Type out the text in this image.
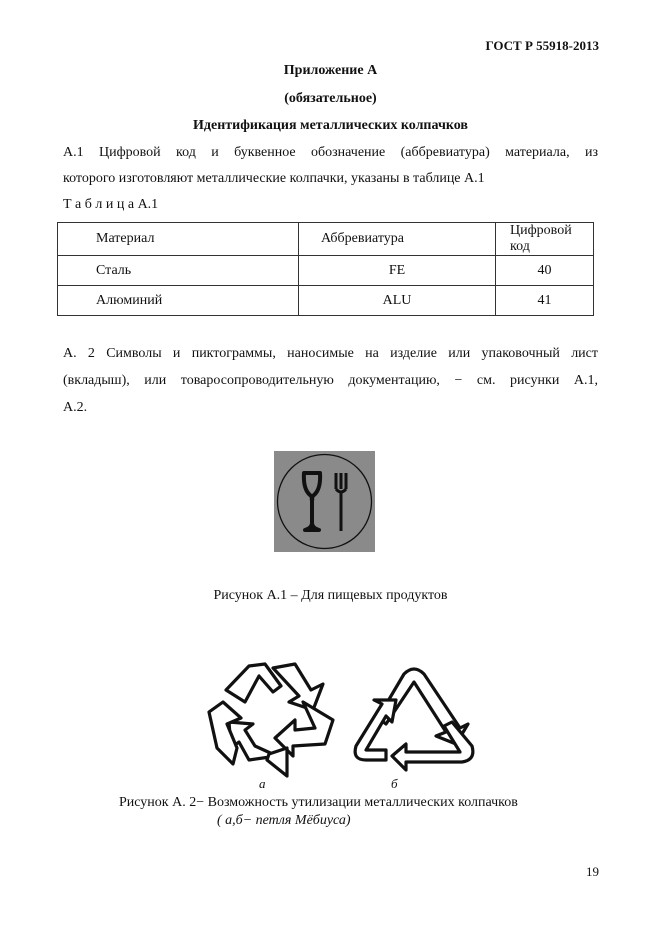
ГОСТ Р 55918-2013
Приложение А
(обязательное)
Идентификация металлических колпачков
А.1 Цифровой код и буквенное обозначение (аббревиатура) материала, из
которого изготовляют металлические колпачки, указаны в таблице А.1
Т а б л и ц а А.1
Материал	Аббревиатура	Цифровой код
Сталь	FE	40
Алюминий	ALU	41
А. 2 Символы и пиктограммы, наносимые на изделие или упаковочный лист
(вкладыш), или товаросопроводительную документацию, − см. рисунки А.1,
А.2.
Рисунок А.1 – Для пищевых продуктов
а	б
Рисунок А. 2− Возможность утилизации металлических колпачков
( а,б− петля Мёбиуса)
19
